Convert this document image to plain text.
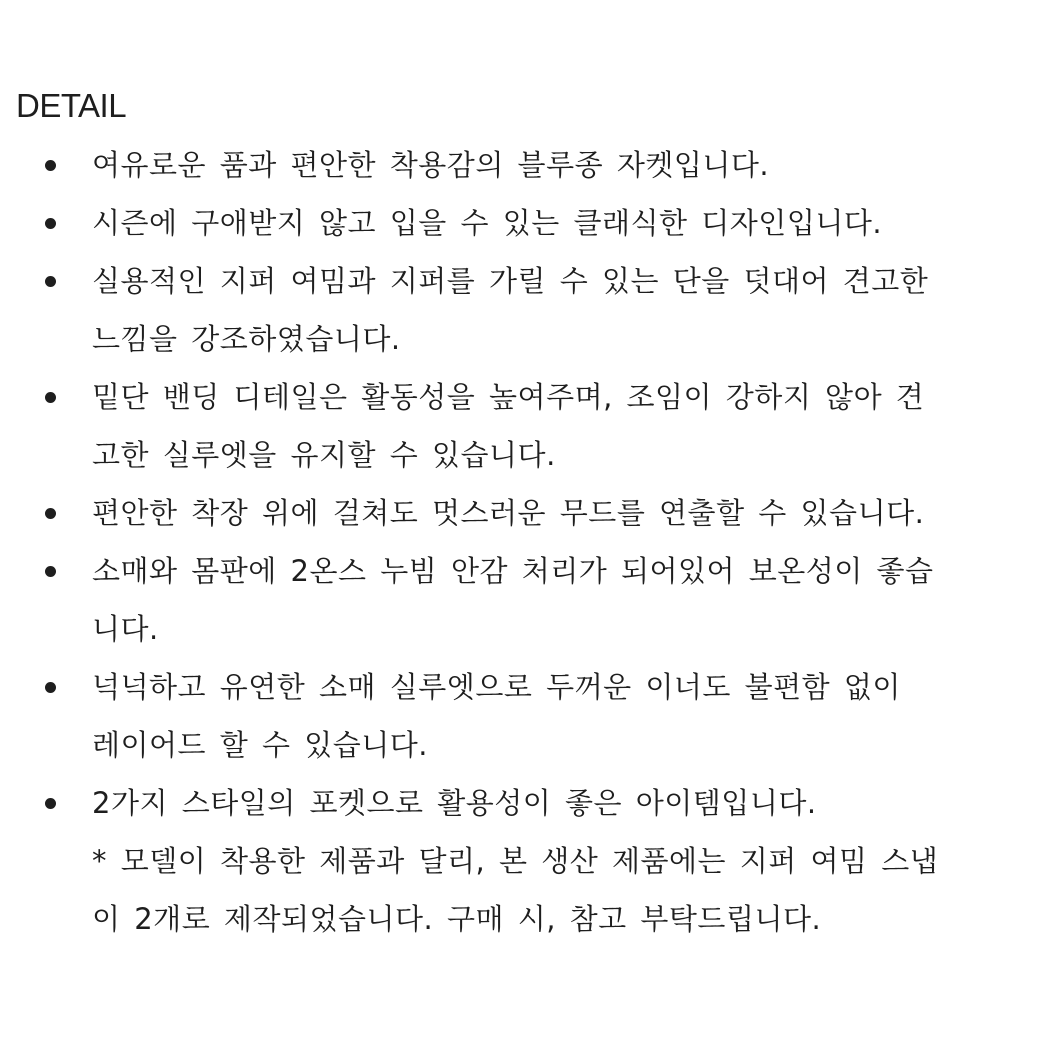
DETAIL
여유로운 품과 편안한 착용감의 블루종 자켓입니다.
시즌에 구애받지 않고 입을 수 있는 클래식한 디자인입니다.
실용적인 지퍼 여밈과 지퍼를 가릴 수 있는 단을 덧대어 견고한
느낌을 강조하였습니다.
밑단 밴딩 디테일은 활동성을 높여주며, 조임이 강하지 않아 견
고한 실루엣을 유지할 수 있습니다.
편안한 착장 위에 걸쳐도 멋스러운 무드를 연출할 수 있습니다.
소매와 몸판에 2온스 누빔 안감 처리가 되어있어 보온성이 좋습
니다.
넉넉하고 유연한 소매 실루엣으로 두꺼운 이너도 불편함 없이
레이어드 할 수 있습니다.
2가지 스타일의 포켓으로 활용성이 좋은 아이템입니다.
* 모델이 착용한 제품과 달리, 본 생산 제품에는 지퍼 여밈 스냅
이 2개로 제작되었습니다. 구매 시, 참고 부탁드립니다.
